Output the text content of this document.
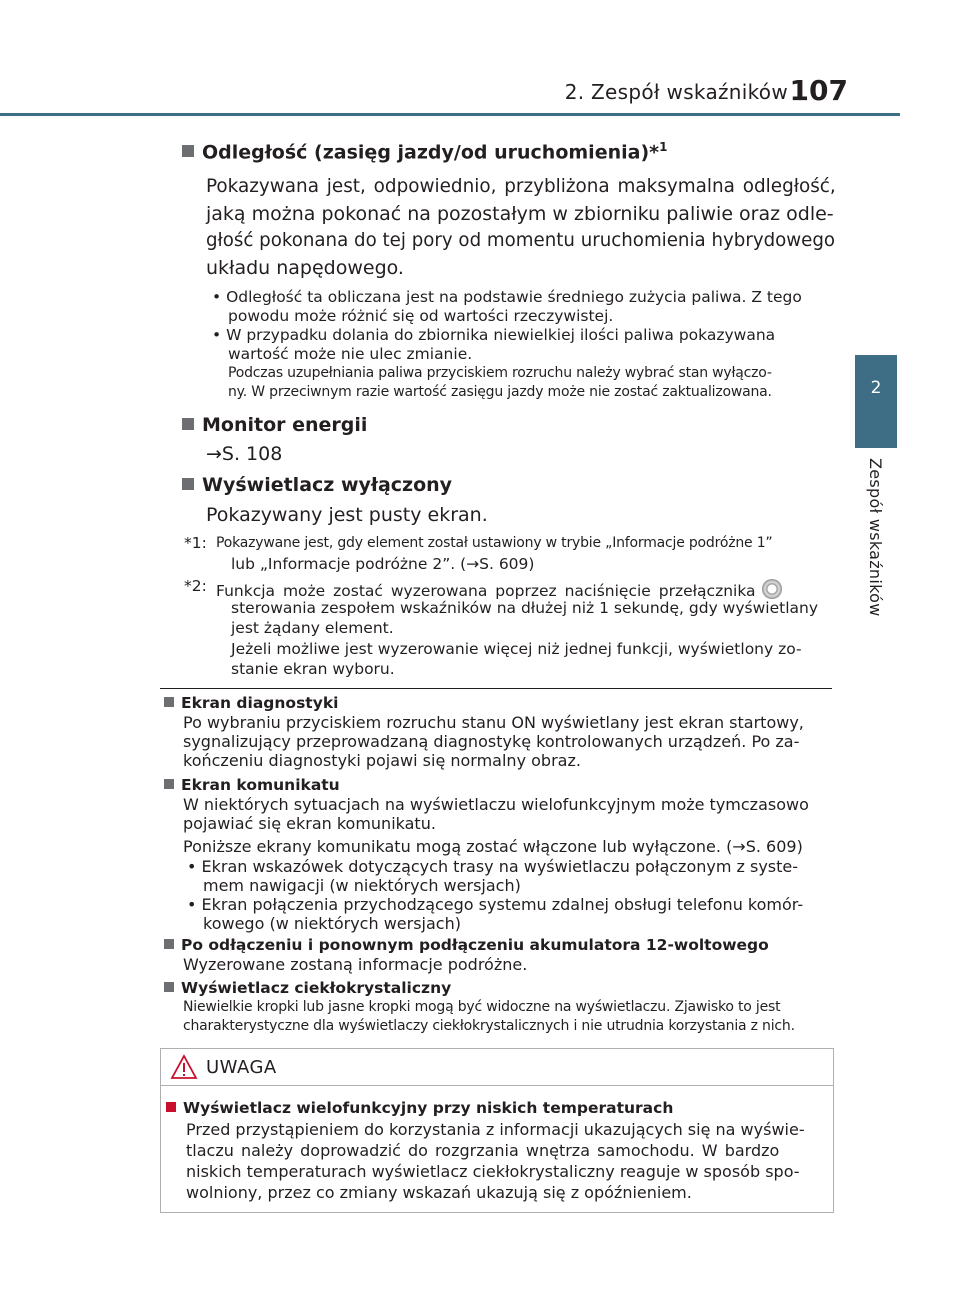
2. Zespół wskaźników 107
2
Zespół wskaźników

Odległość (zasięg jazdy/od uruchomienia)*$^1$

Pokazywana jest, odpowiednio, przybliżona maksymalna odległość,

jaką można pokonać na pozostałym w zbiorniku paliwie oraz odle-

głość pokonana do tej pory od momentu uruchomienia hybrydowego

układu napędowego.

• Odległość ta obliczana jest na podstawie średniego zużycia paliwa. Z tego

powodu może różnić się od wartości rzeczywistej.

• W przypadku dolania do zbiornika niewielkiej ilości paliwa pokazywana

wartość może nie ulec zmianie.

Podczas uzupełniania paliwa przyciskiem rozruchu należy wybrać stan wyłączo-

ny. W przeciwnym razie wartość zasięgu jazdy może nie zostać zaktualizowana.

Monitor energii

→S. 108

Wyświetlacz wyłączony

Pokazywany jest pusty ekran.

*1: Pokazywane jest, gdy element został ustawiony w trybie „Informacje podróżne 1”

lub „Informacje podróżne 2”. (→S. 609)

*2: Funkcja może zostać wyzerowana poprzez naciśnięcie przełącznika

sterowania zespołem wskaźników na dłużej niż 1 sekundę, gdy wyświetlany

jest żądany element.

Jeżeli możliwe jest wyzerowanie więcej niż jednej funkcji, wyświetlony zo-

stanie ekran wyboru.

Ekran diagnostyki

Po wybraniu przyciskiem rozruchu stanu ON wyświetlany jest ekran startowy,

sygnalizujący przeprowadzaną diagnostykę kontrolowanych urządzeń. Po za-

kończeniu diagnostyki pojawi się normalny obraz.

Ekran komunikatu

W niektórych sytuacjach na wyświetlaczu wielofunkcyjnym może tymczasowo

pojawiać się ekran komunikatu.

Poniższe ekrany komunikatu mogą zostać włączone lub wyłączone. (→S. 609)

• Ekran wskazówek dotyczących trasy na wyświetlaczu połączonym z syste-

mem nawigacji (w niektórych wersjach)

• Ekran połączenia przychodzącego systemu zdalnej obsługi telefonu komór-

kowego (w niektórych wersjach)

Po odłączeniu i ponownym podłączeniu akumulatora 12-woltowego

Wyzerowane zostaną informacje podróżne.

Wyświetlacz ciekłokrystaliczny

Niewielkie kropki lub jasne kropki mogą być widoczne na wyświetlaczu. Zjawisko to jest

charakterystyczne dla wyświetlaczy ciekłokrystalicznych i nie utrudnia korzystania z nich.

UWAGA

Wyświetlacz wielofunkcyjny przy niskich temperaturach

Przed przystąpieniem do korzystania z informacji ukazujących się na wyświe-

tlaczu należy doprowadzić do rozgrzania wnętrza samochodu. W bardzo

niskich temperaturach wyświetlacz ciekłokrystaliczny reaguje w sposób spo-

wolniony, przez co zmiany wskazań ukazują się z opóźnieniem.
